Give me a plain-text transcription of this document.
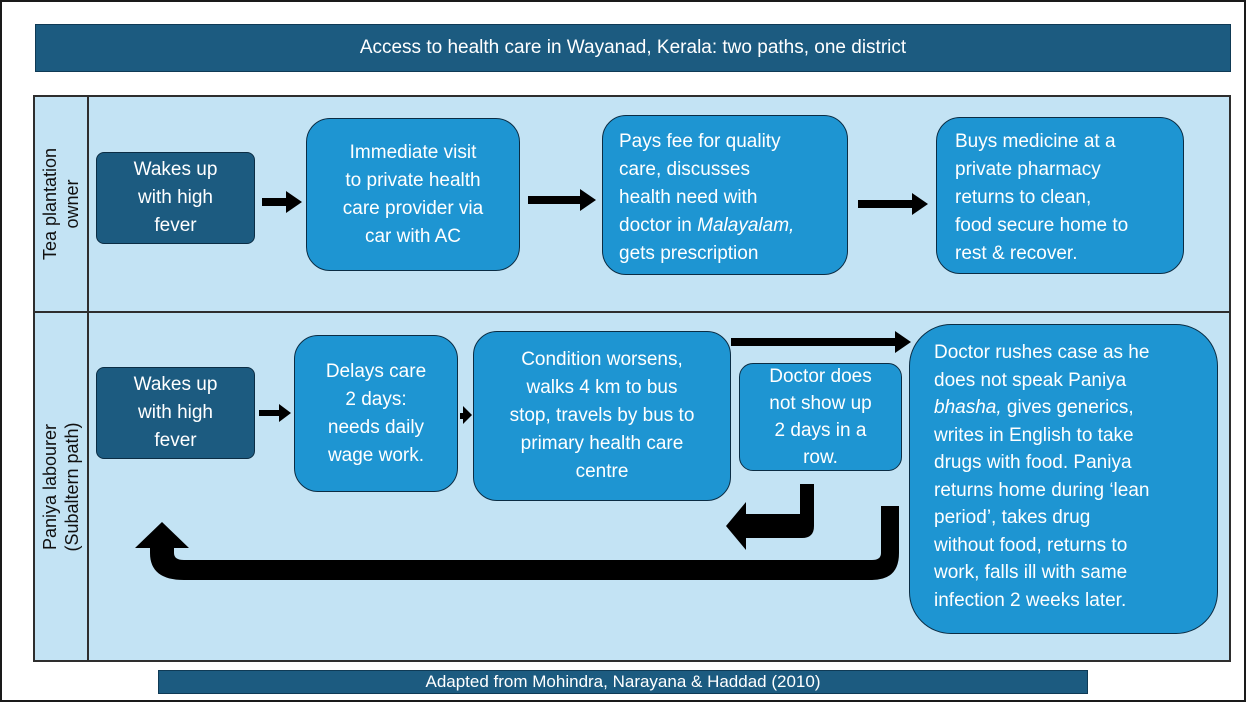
Access to health care in Wayanad, Kerala: two paths, one district
Tea plantation owner
Paniya labourer (Subaltern path)
Wakes up
with high
fever
Immediate visit
to private health
care provider via
car with AC
Pays fee for quality
care, discusses
health need with
doctor in Malayalam,
gets prescription
Buys medicine at a
private pharmacy
returns to clean,
food secure home to
rest & recover.
Wakes up
with high
fever
Delays care
2 days:
needs daily
wage work.
Condition worsens,
walks 4 km to bus
stop, travels by bus to
primary health care
centre
Doctor does
not show up
2 days in a
row.
Doctor rushes case as he
does not speak Paniya
bhasha, gives generics,
writes in English to take
drugs with food. Paniya
returns home during ‘lean
period’, takes drug
without food, returns to
work, falls ill with same
infection 2 weeks later.
Adapted from Mohindra, Narayana & Haddad (2010)
